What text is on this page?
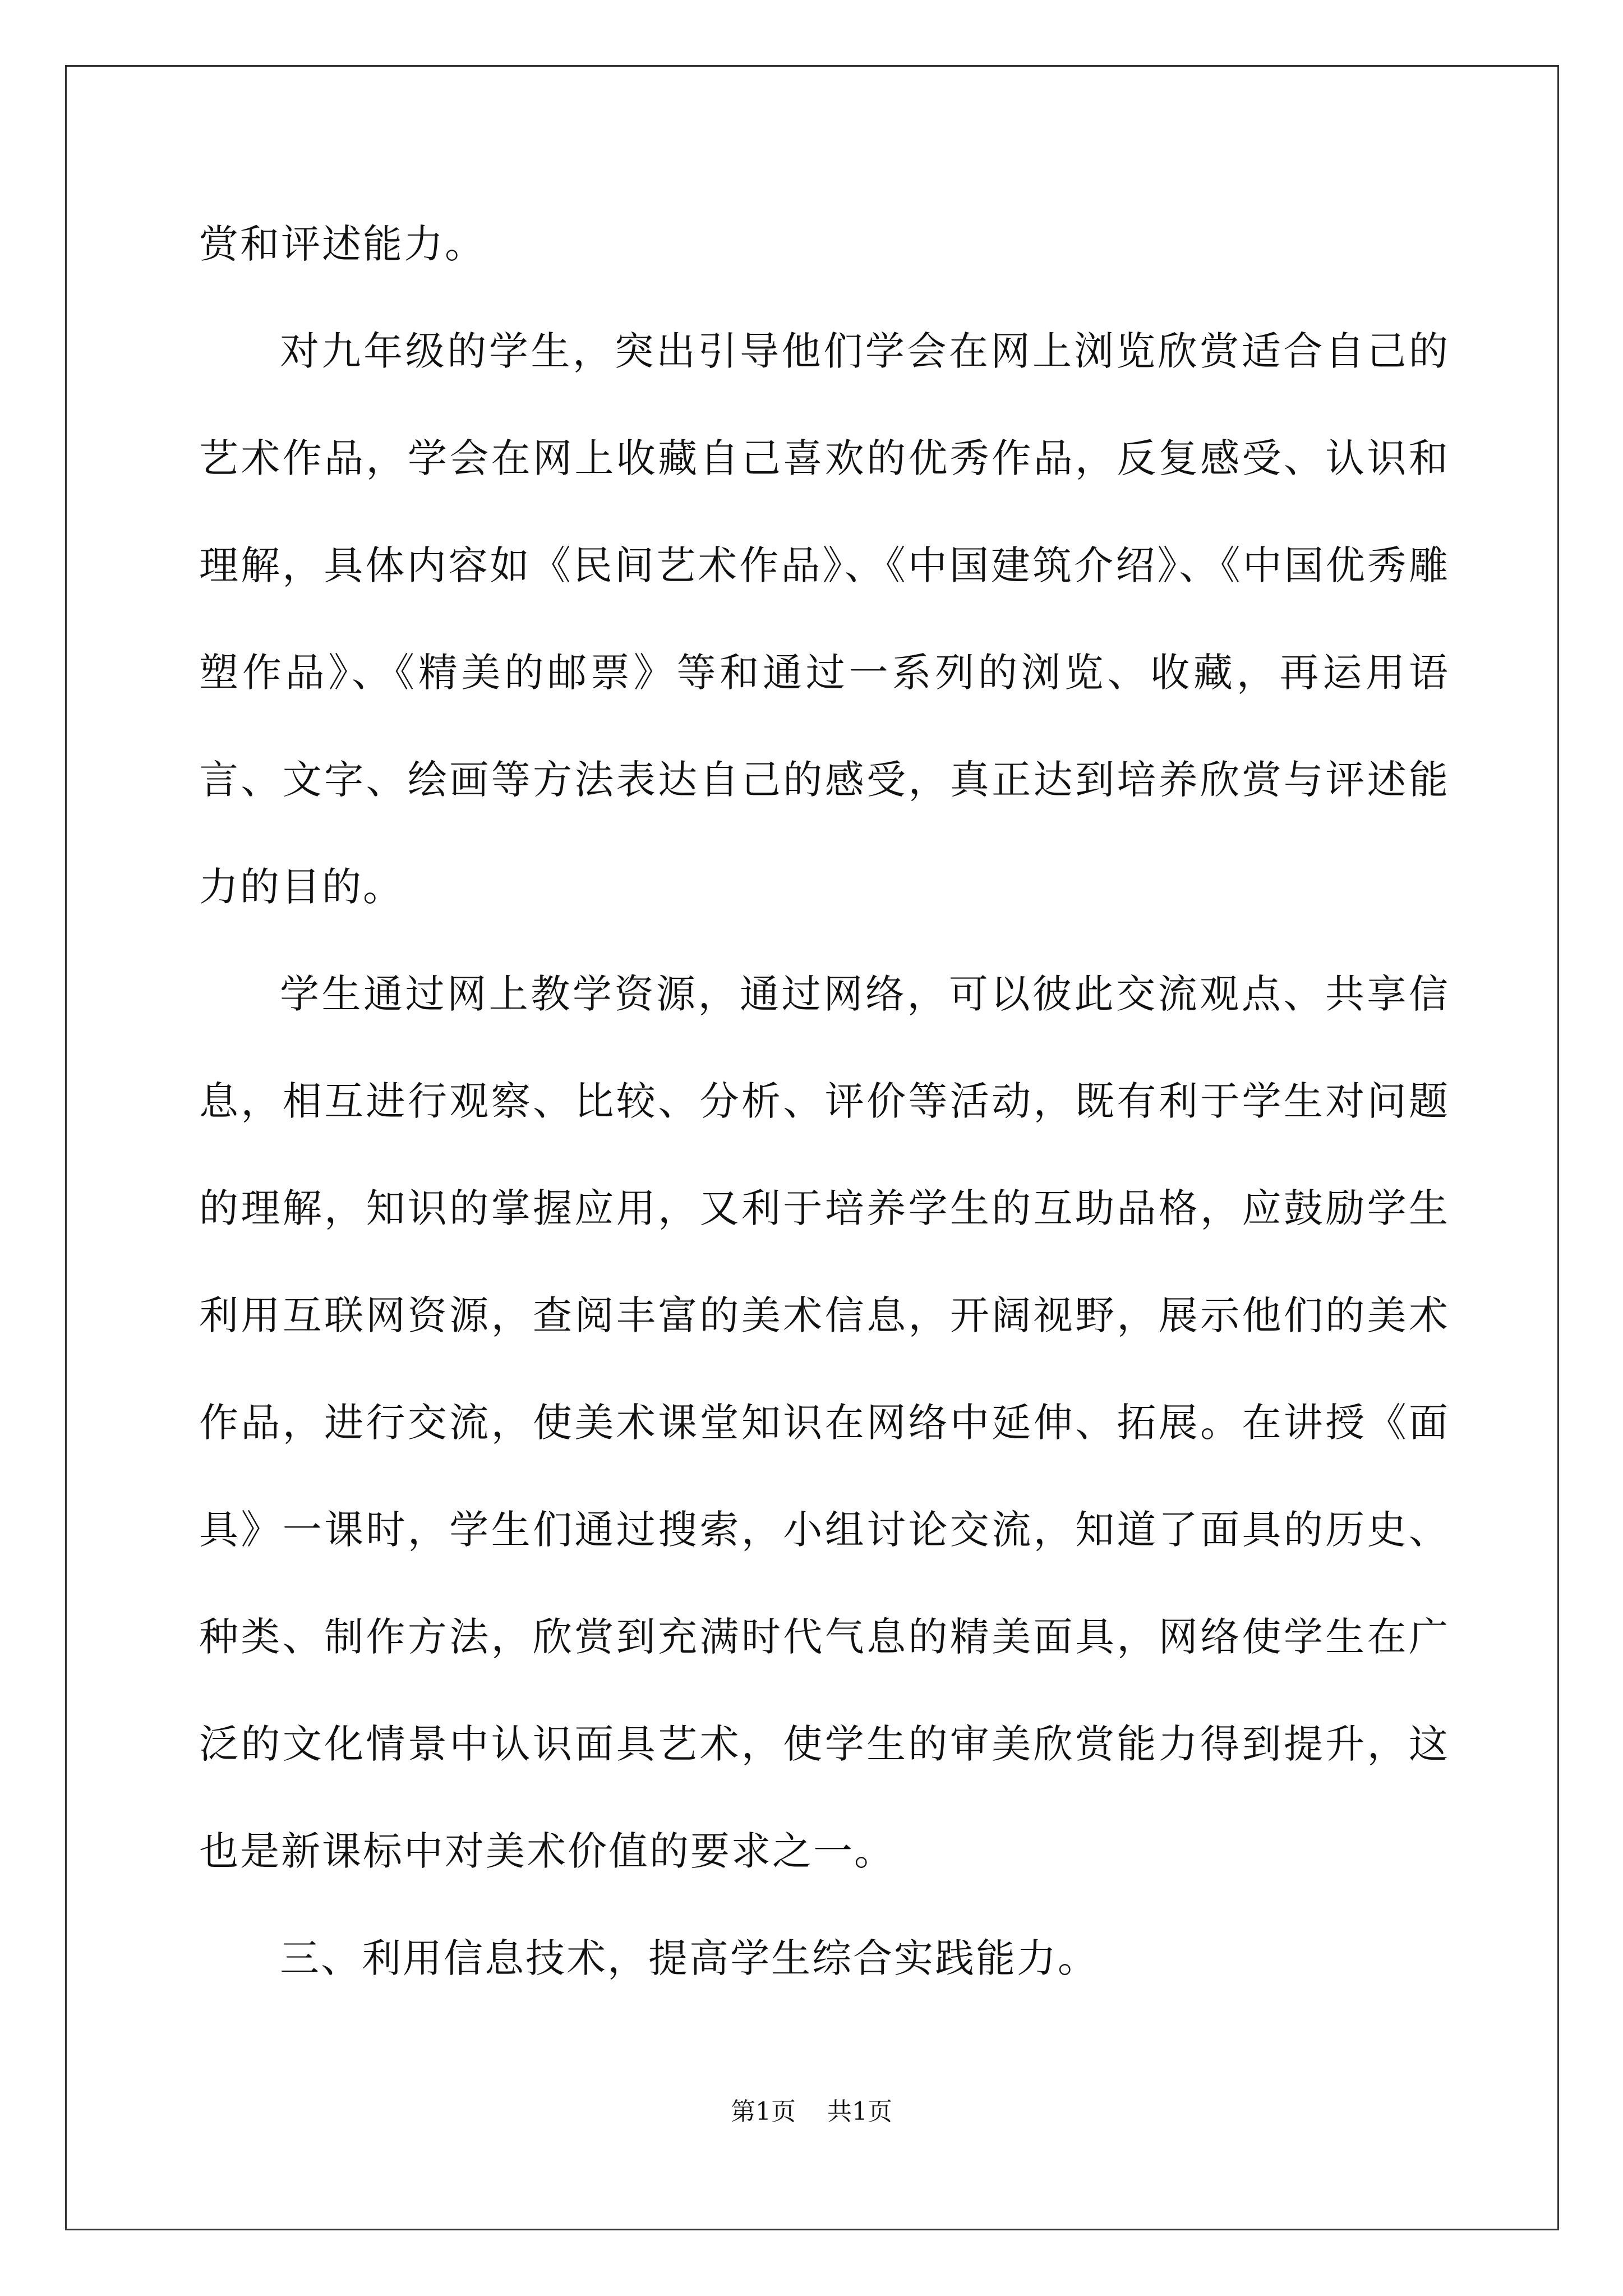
赏和评述能力。

对九年级的学生，突出引导他们学会在网上浏览欣赏适合自己的艺术作品，学会在网上收藏自己喜欢的优秀作品，反复感受、认识和理解，具体内容如《民间艺术作品》、《中国建筑介绍》、《中国优秀雕塑作品》、《精美的邮票》等和通过一系列的浏览、收藏，再运用语言、文字、绘画等方法表达自己的感受，真正达到培养欣赏与评述能力的目的。

学生通过网上教学资源，通过网络，可以彼此交流观点、共享信息，相互进行观察、比较、分析、评价等活动，既有利于学生对问题的理解，知识的掌握应用，又利于培养学生的互助品格，应鼓励学生利用互联网资源，查阅丰富的美术信息，开阔视野，展示他们的美术作品，进行交流，使美术课堂知识在网络中延伸、拓展。在讲授《面具》一课时，学生们通过搜索，小组讨论交流，知道了面具的历史、种类、制作方法，欣赏到充满时代气息的精美面具，网络使学生在广泛的文化情景中认识面具艺术，使学生的审美欣赏能力得到提升，这也是新课标中对美术价值的要求之一。

三、利用信息技术，提高学生综合实践能力。

第1页 共1页
